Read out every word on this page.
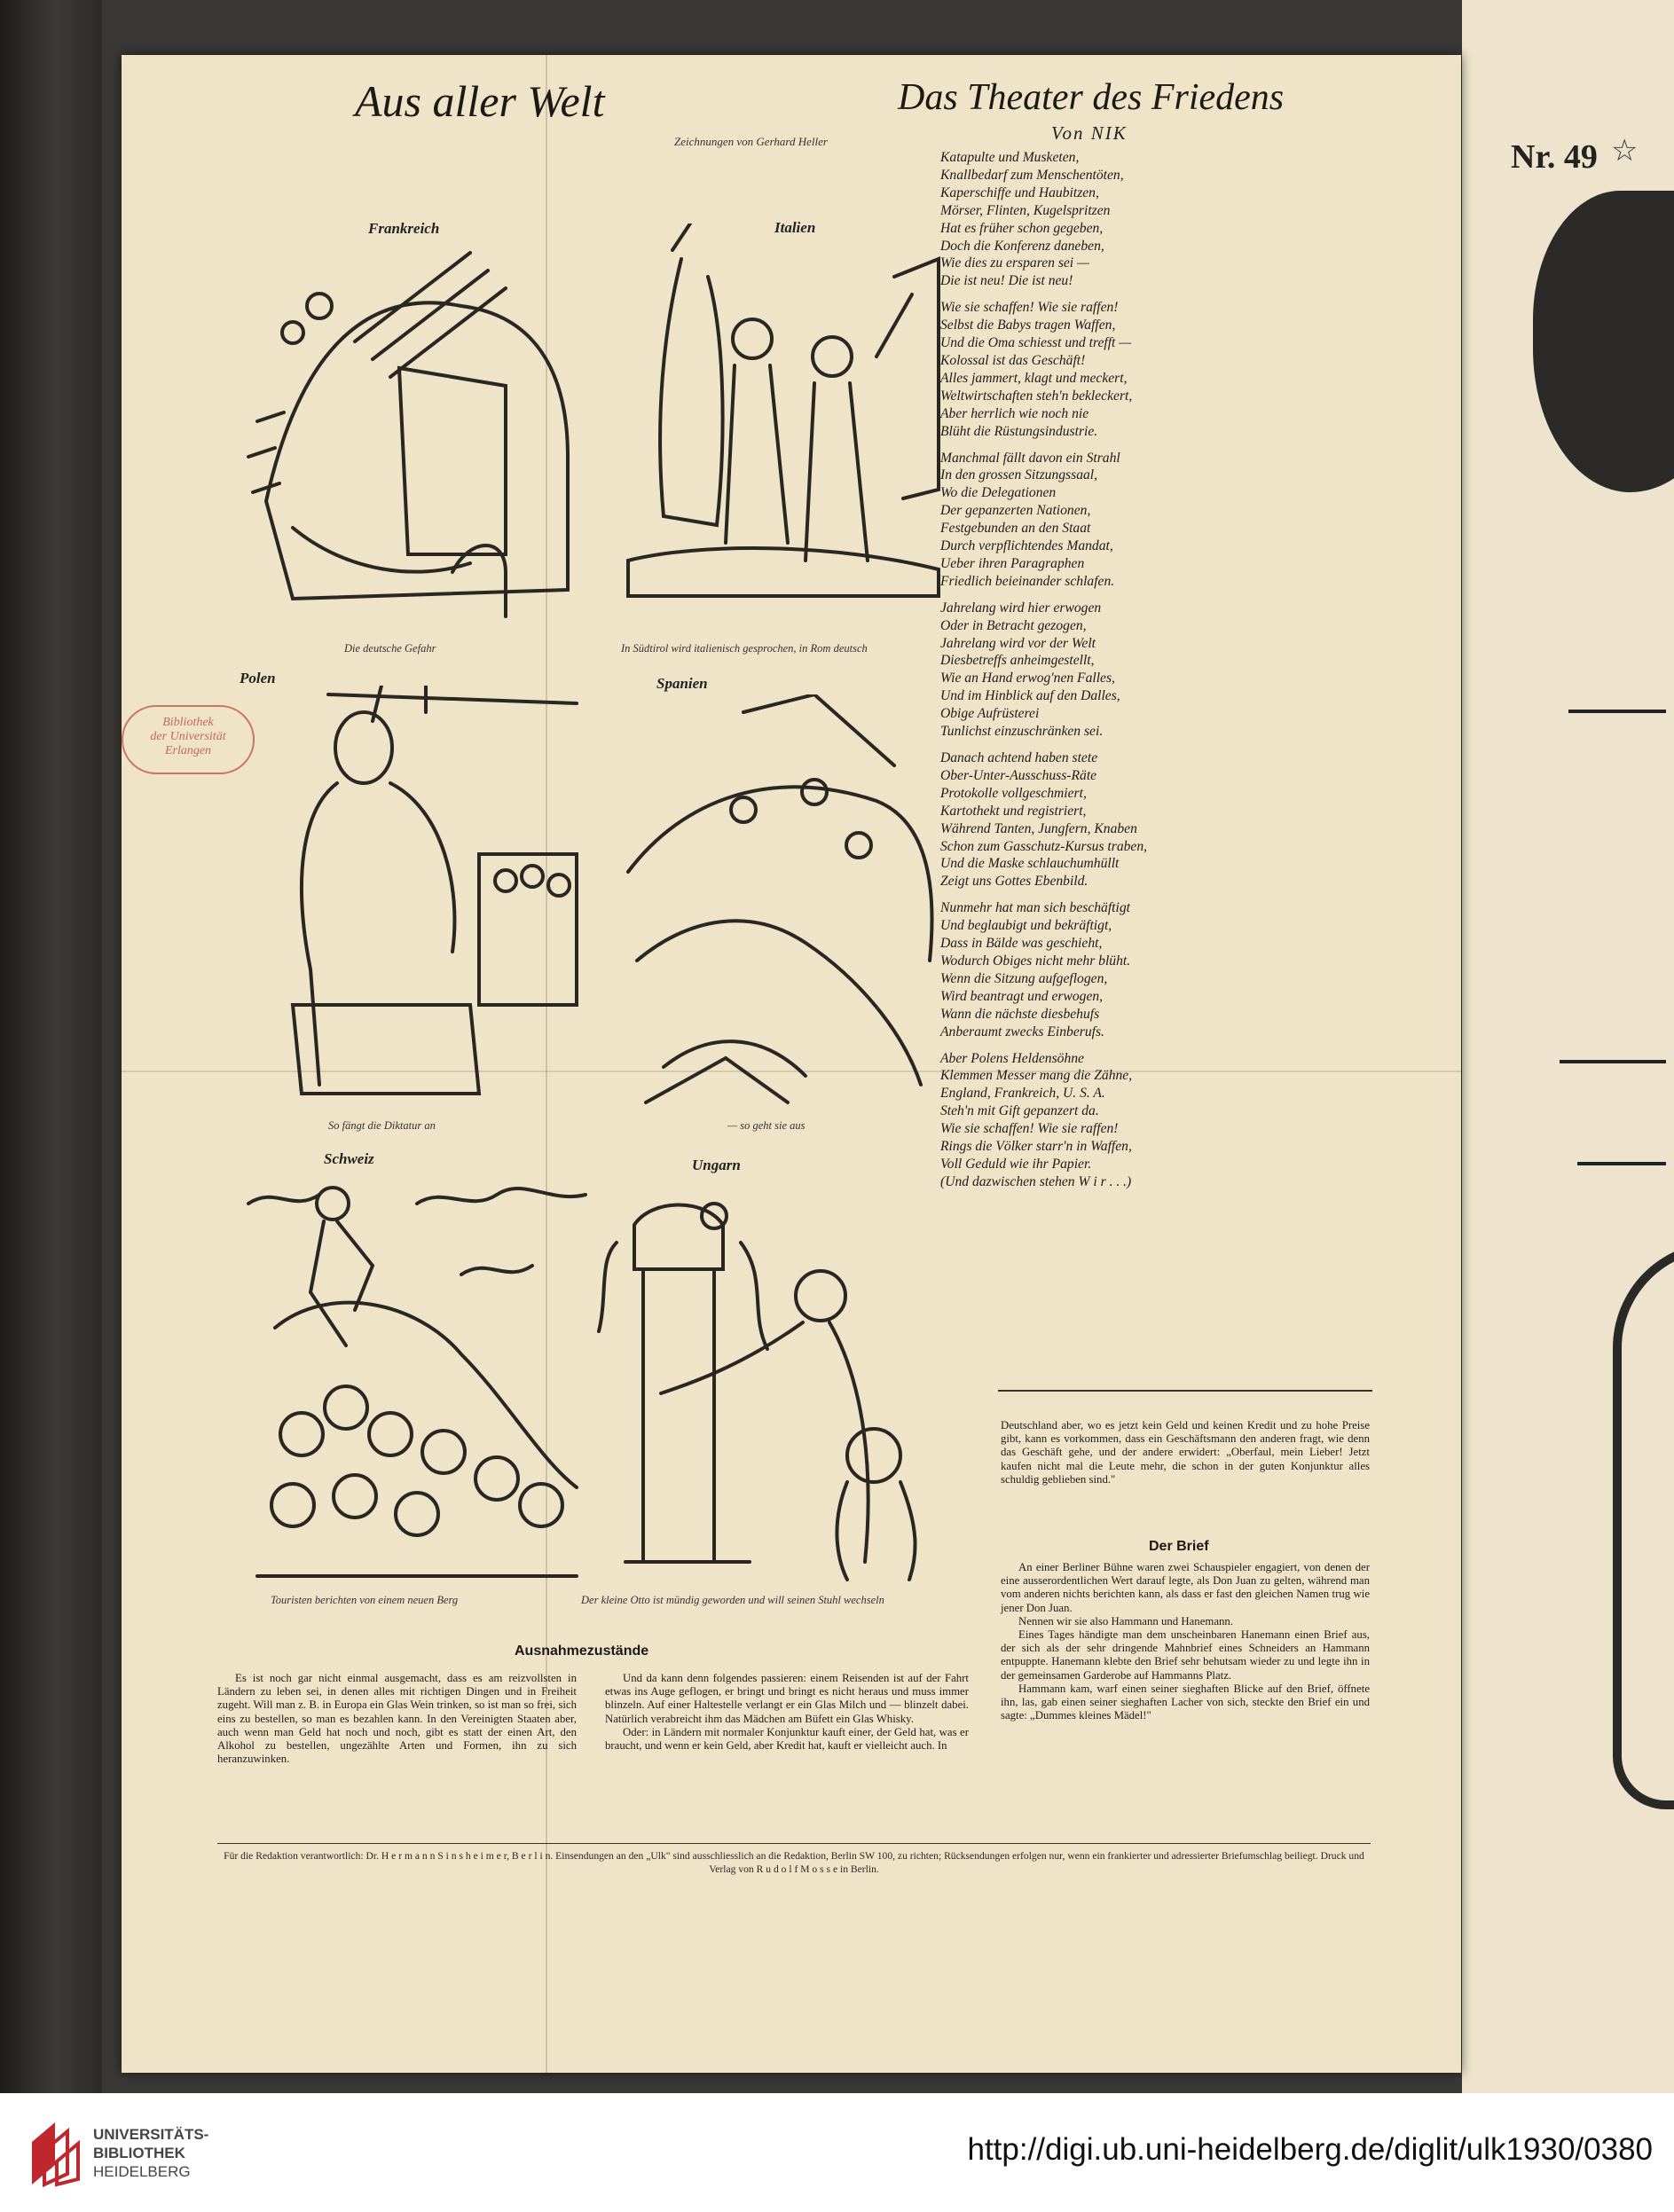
Nr. 49 ☆
Aus aller Welt
Zeichnungen von Gerhard Heller
Das Theater des Friedens
Von NIK
Frankreich
Die deutsche Gefahr
Italien
In Südtirol wird italienisch gesprochen, in Rom deutsch
Bibliothek
der Universität
Erlangen
Polen
So fängt die Diktatur an
Spanien
— so geht sie aus
Schweiz
Touristen berichten von einem neuen Berg
Ungarn
Der kleine Otto ist mündig geworden und will seinen Stuhl wechseln
Katapulte und Musketen,
Knallbedarf zum Menschentöten,
Kaperschiffe und Haubitzen,
Mörser, Flinten, Kugelspritzen
Hat es früher schon gegeben,
Doch die Konferenz daneben,
Wie dies zu ersparen sei —
Die ist neu! Die ist neu!
Wie sie schaffen! Wie sie raffen!
Selbst die Babys tragen Waffen,
Und die Oma schiesst und trefft —
Kolossal ist das Geschäft!
Alles jammert, klagt und meckert,
Weltwirtschaften steh'n bekleckert,
Aber herrlich wie noch nie
Blüht die Rüstungsindustrie.
Manchmal fällt davon ein Strahl
In den grossen Sitzungssaal,
Wo die Delegationen
Der gepanzerten Nationen,
Festgebunden an den Staat
Durch verpflichtendes Mandat,
Ueber ihren Paragraphen
Friedlich beieinander schlafen.
Jahrelang wird hier erwogen
Oder in Betracht gezogen,
Jahrelang wird vor der Welt
Diesbetreffs anheimgestellt,
Wie an Hand erwog'nen Falles,
Und im Hinblick auf den Dalles,
Obige Aufrüsterei
Tunlichst einzuschränken sei.
Danach achtend haben stete
Ober-Unter-Ausschuss-Räte
Protokolle vollgeschmiert,
Kartothekt und registriert,
Während Tanten, Jungfern, Knaben
Schon zum Gasschutz-Kursus traben,
Und die Maske schlauchumhüllt
Zeigt uns Gottes Ebenbild.
Nunmehr hat man sich beschäftigt
Und beglaubigt und bekräftigt,
Dass in Bälde was geschieht,
Wodurch Obiges nicht mehr blüht.
Wenn die Sitzung aufgeflogen,
Wird beantragt und erwogen,
Wann die nächste diesbehufs
Anberaumt zwecks Einberufs.
Aber Polens Heldensöhne
Klemmen Messer mang die Zähne,
England, Frankreich, U. S. A.
Steh'n mit Gift gepanzert da.
Wie sie schaffen! Wie sie raffen!
Rings die Völker starr'n in Waffen,
Voll Geduld wie ihr Papier.
(Und dazwischen stehen W i r . . .)

Deutschland aber, wo es jetzt kein Geld und keinen Kredit und zu hohe Preise gibt, kann es vorkommen, dass ein Geschäftsmann den anderen fragt, wie denn das Geschäft gehe, und der andere erwidert: „Oberfaul, mein Lieber! Jetzt kaufen nicht mal die Leute mehr, die schon in der guten Konjunktur alles schuldig geblieben sind."

Der Brief

An einer Berliner Bühne waren zwei Schauspieler engagiert, von denen der eine ausserordentlichen Wert darauf legte, als Don Juan zu gelten, während man vom anderen nichts berichten kann, als dass er fast den gleichen Namen trug wie jener Don Juan.

Nennen wir sie also Hammann und Hanemann.

Eines Tages händigte man dem unscheinbaren Hanemann einen Brief aus, der sich als der sehr dringende Mahnbrief eines Schneiders an Hammann entpuppte. Hanemann klebte den Brief sehr behutsam wieder zu und legte ihn in der gemeinsamen Garderobe auf Hammanns Platz.

Hammann kam, warf einen seiner sieghaften Blicke auf den Brief, öffnete ihn, las, gab einen seiner sieghaften Lacher von sich, steckte den Brief ein und sagte: „Dummes kleines Mädel!"

Ausnahmezustände

Es ist noch gar nicht einmal ausgemacht, dass es am reizvollsten in Ländern zu leben sei, in denen alles mit richtigen Dingen und in Freiheit zugeht. Will man z. B. in Europa ein Glas Wein trinken, so ist man so frei, sich eins zu bestellen, so man es bezahlen kann. In den Vereinigten Staaten aber, auch wenn man Geld hat noch und noch, gibt es statt der einen Art, den Alkohol zu bestellen, ungezählte Arten und Formen, ihn zu sich heranzuwinken.

Und da kann denn folgendes passieren: einem Reisenden ist auf der Fahrt etwas ins Auge geflogen, er bringt und bringt es nicht heraus und muss immer blinzeln. Auf einer Haltestelle verlangt er ein Glas Milch und — blinzelt dabei. Natürlich verabreicht ihm das Mädchen am Büfett ein Glas Whisky.

Oder: in Ländern mit normaler Konjunktur kauft einer, der Geld hat, was er braucht, und wenn er kein Geld, aber Kredit hat, kauft er vielleicht auch. In

Für die Redaktion verantwortlich: Dr. H e r m a n n S i n s h e i m e r, B e r l i n. Einsendungen an den „Ulk" sind ausschliesslich an die Redaktion, Berlin SW 100, zu richten; Rücksendungen erfolgen nur, wenn ein frankierter und adressierter Briefumschlag beiliegt. Druck und Verlag von R u d o l f M o s s e in Berlin.
UNIVERSITÄTS-
BIBLIOTHEK
HEIDELBERG
http://digi.ub.uni-heidelberg.de/diglit/ulk1930/0380
